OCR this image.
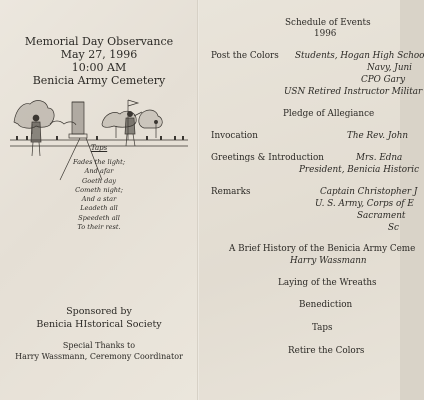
Memorial Day Observance
May 27, 1996
10:00 AM
Benicia Army Cemetery
Taps
Fades the light;
And afar
Goeth day
Cometh night;
And a star
Leadeth all
Speedeth all
To their rest.
Sponsored by
Benicia HIstorical Society
Special Thanks to
Harry Wassmann, Ceremony Coordinator
Schedule of Events
1996
Post the Colors Students, Hogan High Schoo
Navy, Juni
CPO Gary
USN Retired Instructor Militar
Pledge of Allegiance
Invocation	The Rev. John
Greetings & Introduction	Mrs. Edna
President, Benicia Historic
Remarks	Captain Christopher J
U. S. Army, Corps of E
Sacrament
Sc
A Brief History of the Benicia Army Ceme
Harry Wassmann
Laying of the Wreaths
Benediction
Taps
Retire the Colors
